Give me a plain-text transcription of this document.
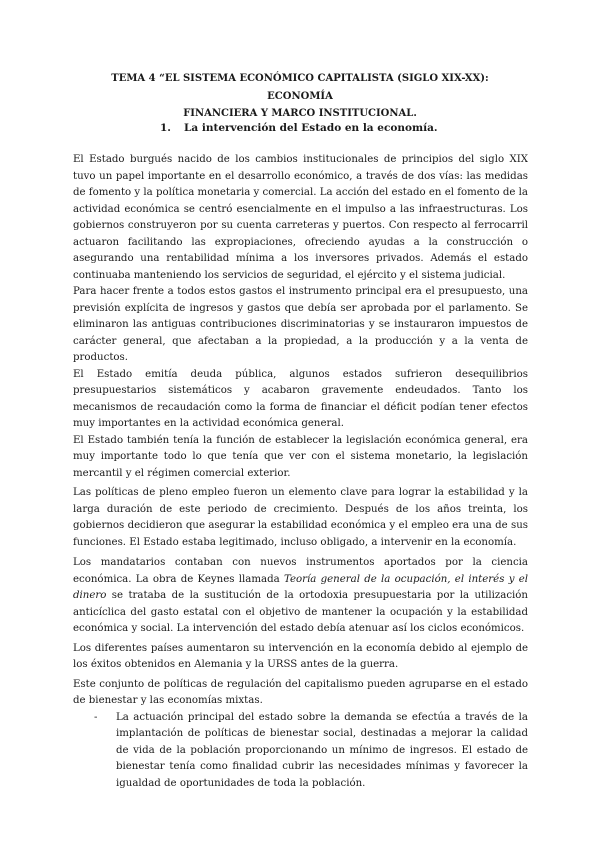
TEMA 4 “EL SISTEMA ECONÓMICO CAPITALISTA (SIGLO XIX-XX): ECONOMÍA
FINANCIERA Y MARCO INSTITUCIONAL.
1. La intervención del Estado en la economía.

El Estado burgués nacido de los cambios institucionales de principios del siglo XIX tuvo un papel importante en el desarrollo económico, a través de dos vías: las medidas de fomento y la política monetaria y comercial. La acción del estado en el fomento de la actividad económica se centró esencialmente en el impulso a las infraestructuras. Los gobiernos construyeron por su cuenta carreteras y puertos. Con respecto al ferrocarril actuaron facilitando las expropiaciones, ofreciendo ayudas a la construcción o asegurando una rentabilidad mínima a los inversores privados. Además el estado continuaba manteniendo los servicios de seguridad, el ejército y el sistema judicial.

Para hacer frente a todos estos gastos el instrumento principal era el presupuesto, una previsión explícita de ingresos y gastos que debía ser aprobada por el parlamento. Se eliminaron las antiguas contribuciones discriminatorias y se instauraron impuestos de carácter general, que afectaban a la propiedad, a la producción y a la venta de productos.

El Estado emitía deuda pública, algunos estados sufrieron desequilibrios presupuestarios sistemáticos y acabaron gravemente endeudados. Tanto los mecanismos de recaudación como la forma de financiar el déficit podían tener efectos muy importantes en la actividad económica general.

El Estado también tenía la función de establecer la legislación económica general, era muy importante todo lo que tenía que ver con el sistema monetario, la legislación mercantil y el régimen comercial exterior.

Las políticas de pleno empleo fueron un elemento clave para lograr la estabilidad y la larga duración de este periodo de crecimiento. Después de los años treinta, los gobiernos decidieron que asegurar la estabilidad económica y el empleo era una de sus funciones. El Estado estaba legitimado, incluso obligado, a intervenir en la economía.

Los mandatarios contaban con nuevos instrumentos aportados por la ciencia económica. La obra de Keynes llamada Teoría general de la ocupación, el interés y el dinero se trataba de la sustitución de la ortodoxia presupuestaria por la utilización anticíclica del gasto estatal con el objetivo de mantener la ocupación y la estabilidad económica y social. La intervención del estado debía atenuar así los ciclos económicos.

Los diferentes países aumentaron su intervención en la economía debido al ejemplo de los éxitos obtenidos en Alemania y la URSS antes de la guerra.

Este conjunto de políticas de regulación del capitalismo pueden agruparse en el estado de bienestar y las economías mixtas.

- La actuación principal del estado sobre la demanda se efectúa a través de la implantación de políticas de bienestar social, destinadas a mejorar la calidad de vida de la población proporcionando un mínimo de ingresos. El estado de bienestar tenía como finalidad cubrir las necesidades mínimas y favorecer la igualdad de oportunidades de toda la población.
